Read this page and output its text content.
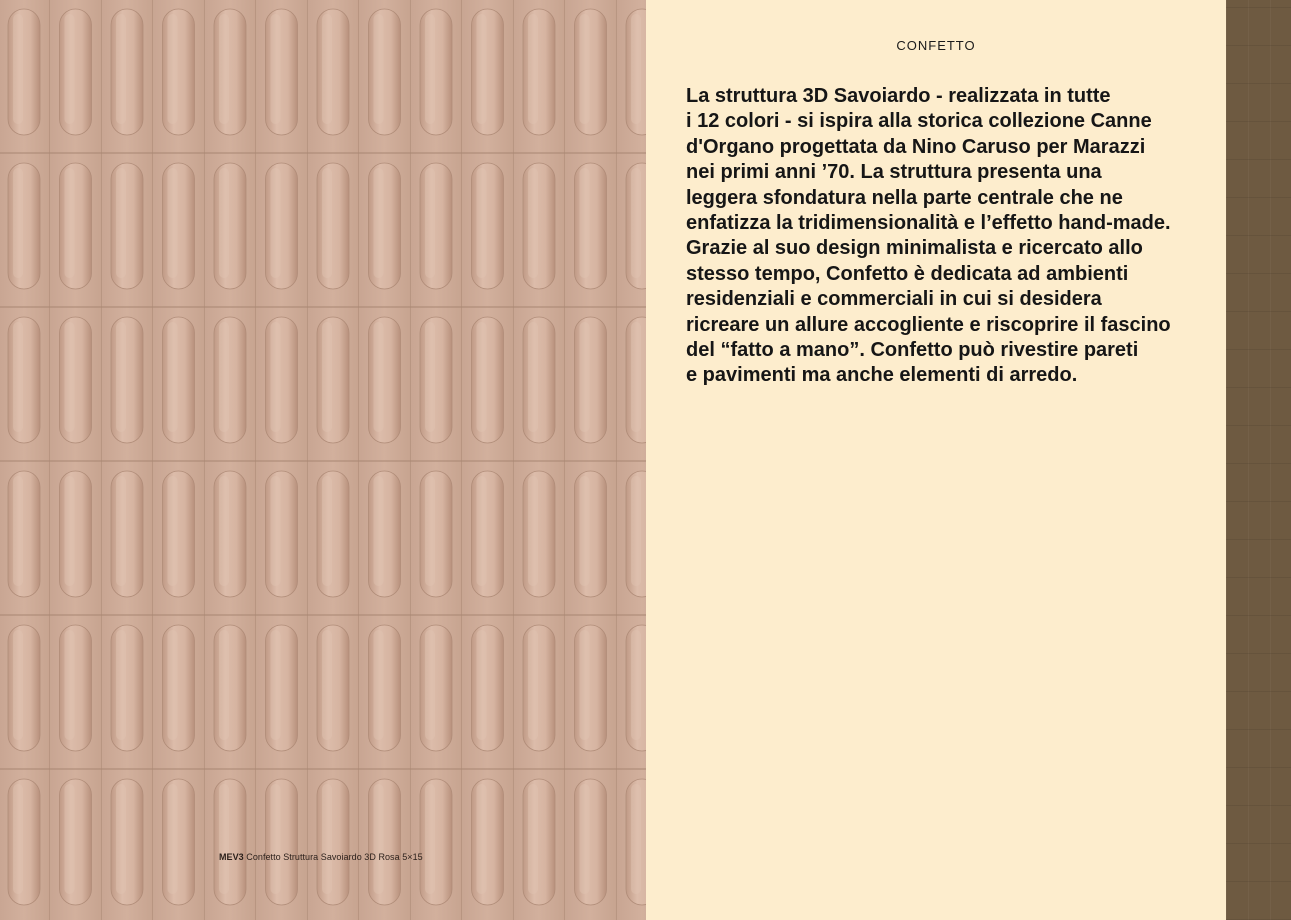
MEV3 Confetto Struttura Savoiardo 3D Rosa 5×15
CONFETTO

La struttura 3D Savoiardo - realizzata in tutte
i 12 colori - si ispira alla storica collezione Canne
d'Organo progettata da Nino Caruso per Marazzi
nei primi anni ’70. La struttura presenta una
leggera sfondatura nella parte centrale che ne
enfatizza la tridimensionalità e l’effetto hand-made.
Grazie al suo design minimalista e ricercato allo
stesso tempo, Confetto è dedicata ad ambienti
residenziali e commerciali in cui si desidera
ricreare un allure accogliente e riscoprire il fascino
del “fatto a mano”. Confetto può rivestire pareti
e pavimenti ma anche elementi di arredo.
